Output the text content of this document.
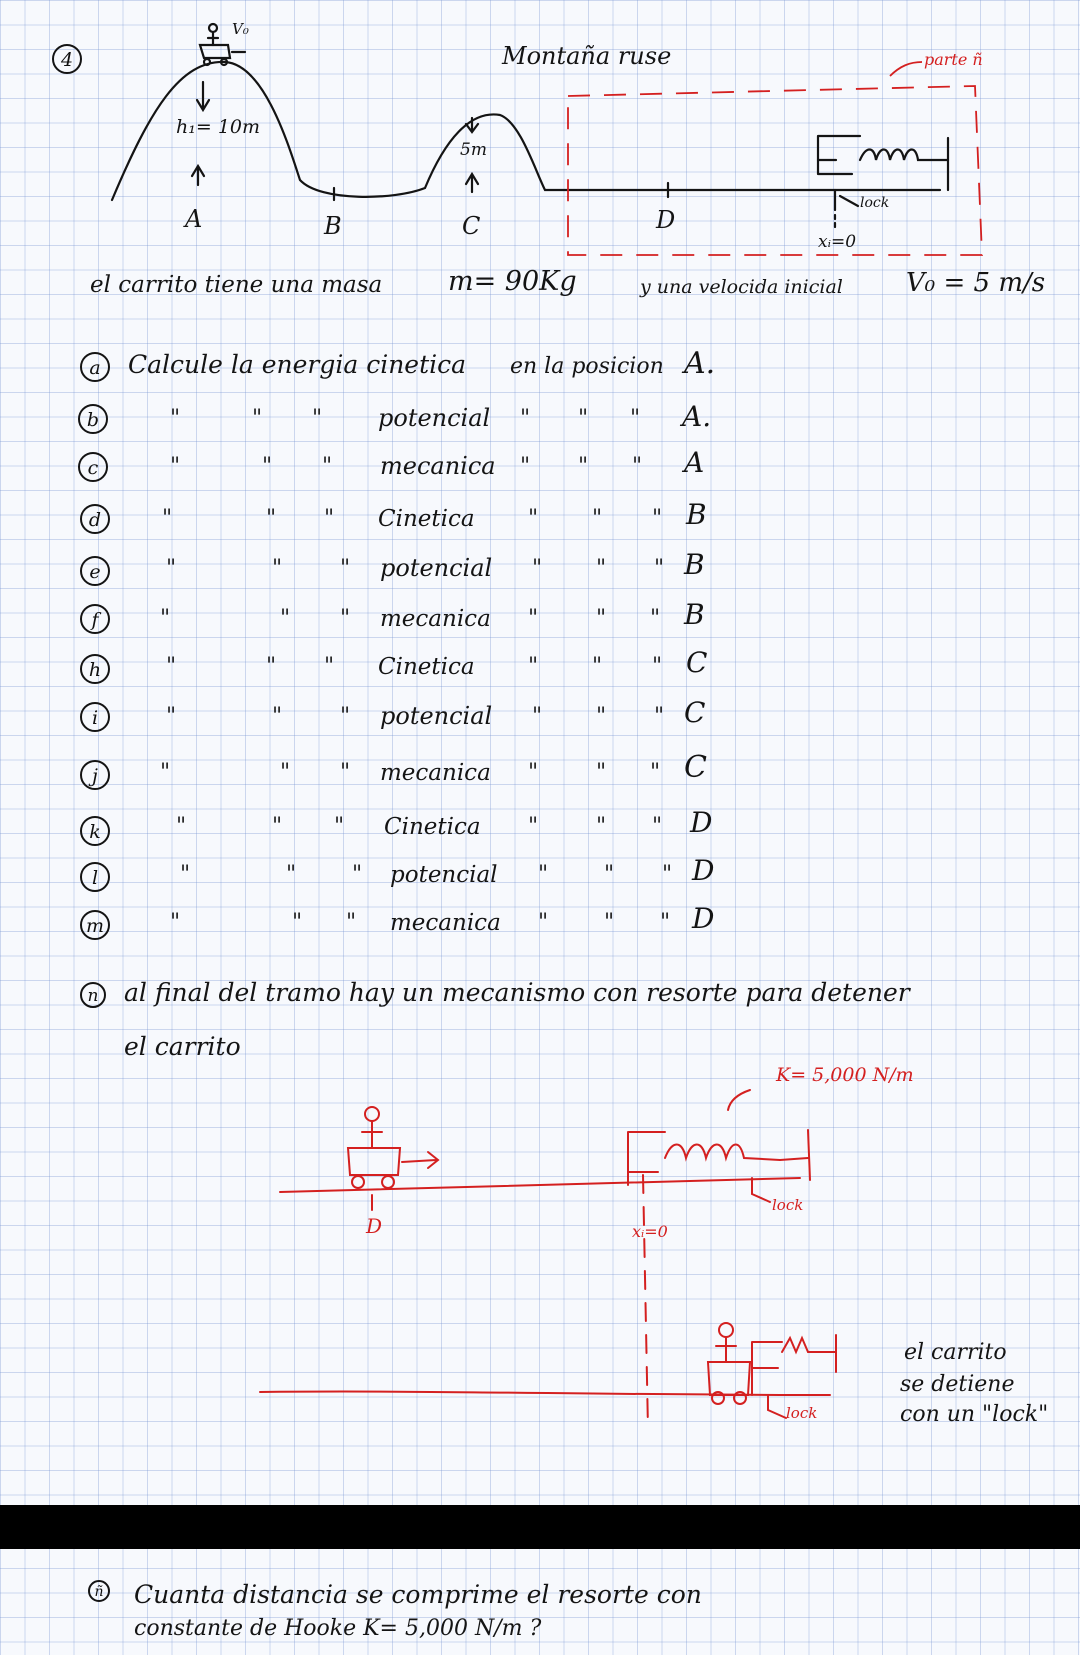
4	Montaña ruse
V₀
h₁= 10m
5m
A	B	C	D
parte ñ
lock
xᵢ=0
el carrito tiene una masa m= 90Kg	y una velocida inicial V₀ = 5 m/s
a	Calcule la energia cinetica en la posicion A.
b	"	" " potencial " " " A.
c	"	" " mecanica " " " A
d	"	" " Cinetica " " " B
e	"	"	" potencial " " " B
f	"	" " mecanica "	" " B
h	"	" " Cinetica " " " C
i	"	"	" potencial " " " C
j	"	" " mecanica "	" " C
k	"	" " Cinetica "	" " D
l	"	"	" potencial "	" " D
m	"	" " mecanica "	" " D
n	al final del tramo hay un mecanismo con resorte para detener
el carrito
K= 5,000 N/m
lock
D	xᵢ=0
lock
el carrito
se detiene
con un "lock"
ñ Cuanta distancia se comprime el resorte con
constante de Hooke K= 5,000 N/m ?
